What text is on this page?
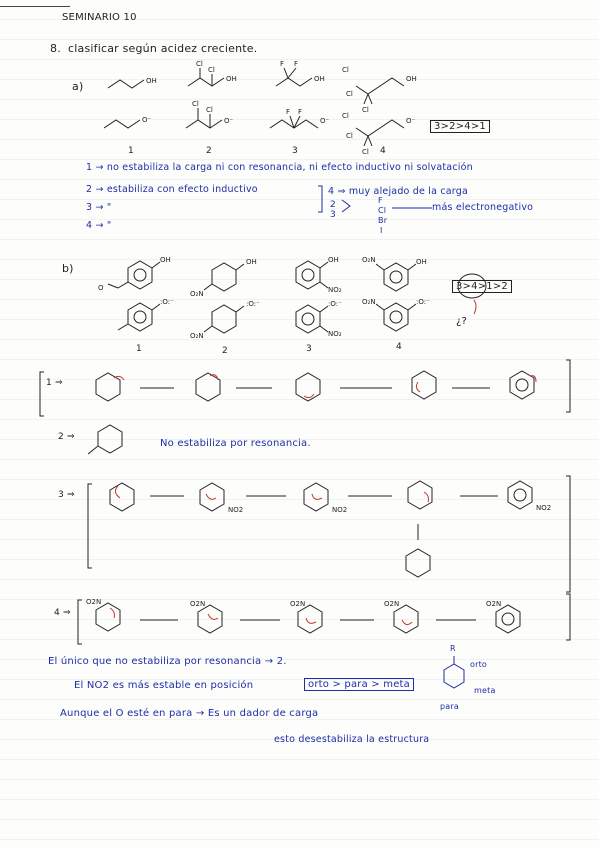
SEMINARIO 10
8. clasificar según acidez creciente.
a)	OH
O⁻
OH
Cl
Cl
O⁻
Cl
Cl
OH
F F
O⁻
F F
OH
Cl
Cl
O⁻
Cl
Cl
Cl
Cl
OH
O
OH
O₂N
OH
NO₂
OH
O₂N
:O:⁻	:O:⁻
O₂N
:O:⁻
NO₂
:O:⁻
O₂N
1	2	3	4
3>2>4>1
1 → no estabiliza la carga ni con resonancia, ni efecto inductivo ni solvatación
2 → estabiliza con efecto inductivo
3 → "
4 → "
4 ⇒ muy alejado de la carga
2
3
F
Cl
Br
I
más electronegativo
b)
1	2	3	4
3>4>1>2
¿?
1 ⇒
2 ⇒
3 ⇒
4 ⇒
No estabiliza por resonancia.
NO2	NO2	NO2
O2N	O2N	O2N	O2N	O2N
El único que no estabiliza por resonancia → 2.
El NO2 es más estable en posición	orto > para > meta
Aunque el O esté en para → Es un dador de carga
esto desestabiliza la estructura
R
orto
meta
para
